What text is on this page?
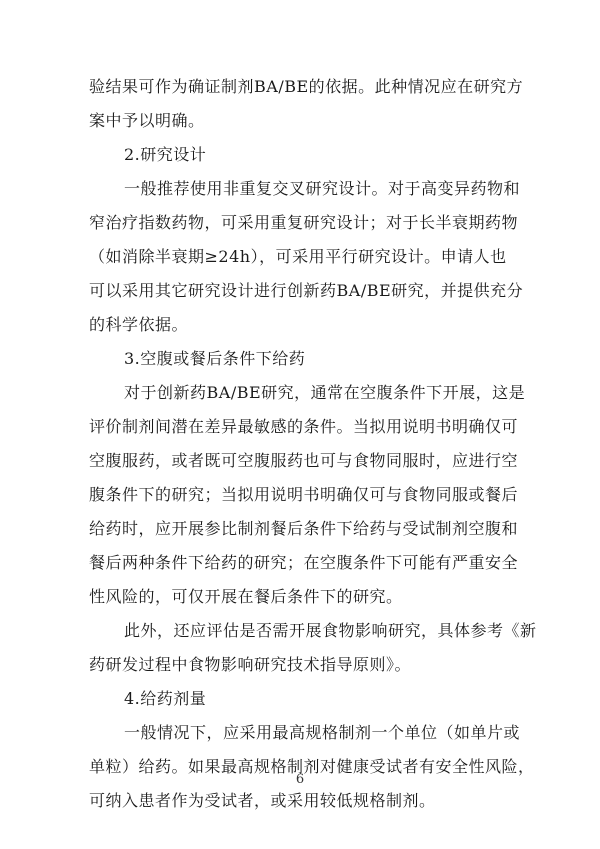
验结果可作为确证制剂BA/BE的依据。此种情况应在研究方
案中予以明确。
2.研究设计
一般推荐使用非重复交叉研究设计。对于高变异药物和
窄治疗指数药物，可采用重复研究设计；对于长半衰期药物
（如消除半衰期≥24h），可采用平行研究设计。申请人也
可以采用其它研究设计进行创新药BA/BE研究，并提供充分
的科学依据。
3.空腹或餐后条件下给药
对于创新药BA/BE研究，通常在空腹条件下开展，这是
评价制剂间潜在差异最敏感的条件。当拟用说明书明确仅可
空腹服药，或者既可空腹服药也可与食物同服时，应进行空
腹条件下的研究；当拟用说明书明确仅可与食物同服或餐后
给药时，应开展参比制剂餐后条件下给药与受试制剂空腹和
餐后两种条件下给药的研究；在空腹条件下可能有严重安全
性风险的，可仅开展在餐后条件下的研究。
此外，还应评估是否需开展食物影响研究，具体参考《新
药研发过程中食物影响研究技术指导原则》。
4.给药剂量
一般情况下，应采用最高规格制剂一个单位（如单片或
单粒）给药。如果最高规格制剂对健康受试者有安全性风险，
可纳入患者作为受试者，或采用较低规格制剂。
6
